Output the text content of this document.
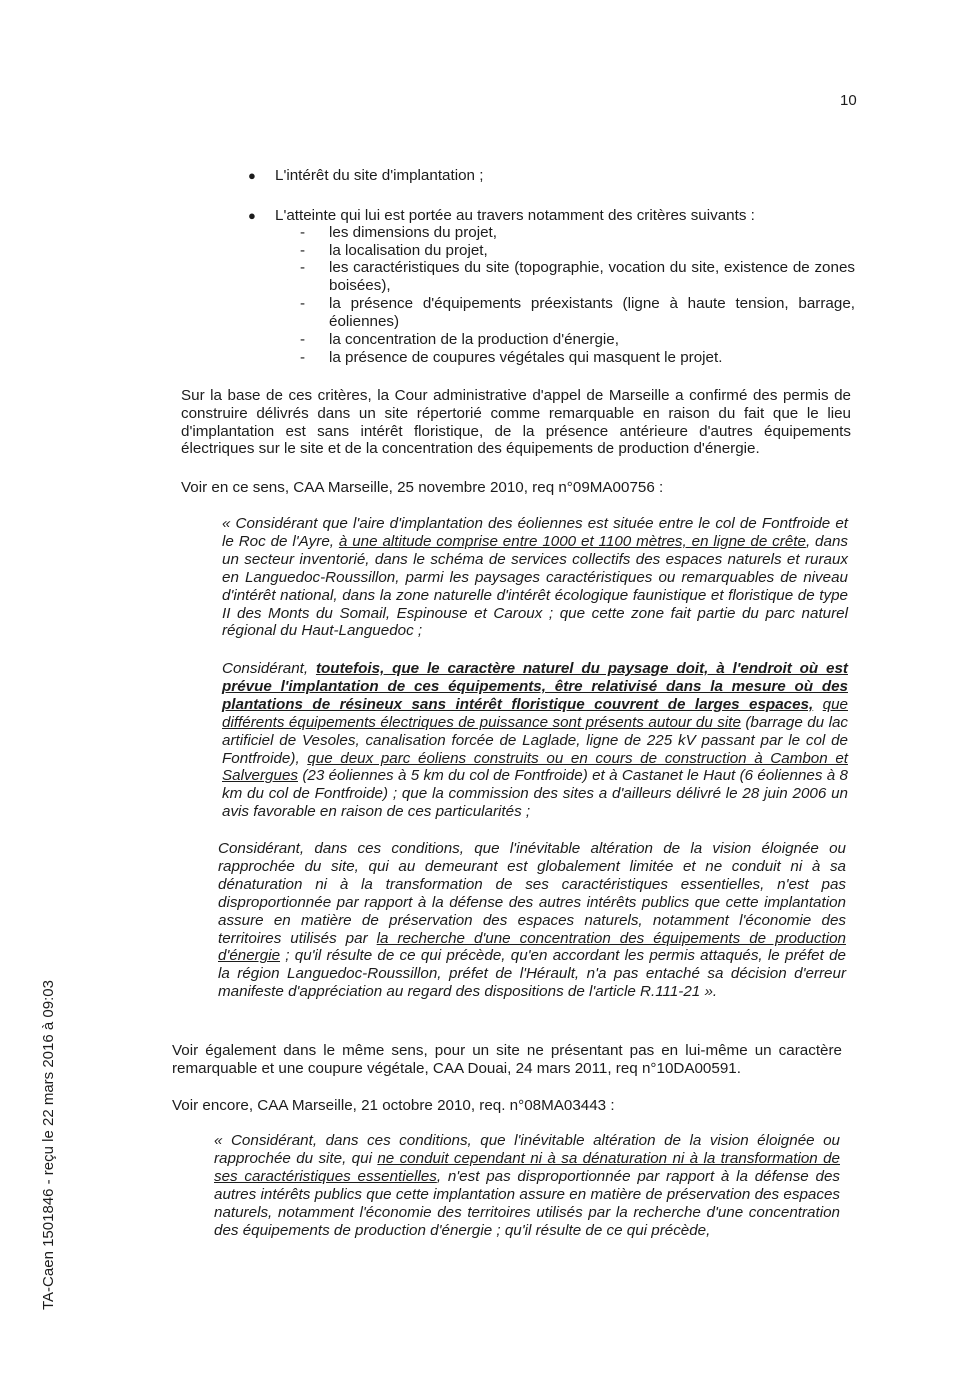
10
TA-Caen 1501846 - reçu le 22 mars 2016 à 09:03
● L'intérêt du site d'implantation ;
● L'atteinte qui lui est portée au travers notamment des critères suivants :
- les dimensions du projet,
- la localisation du projet,
- les caractéristiques du site (topographie, vocation du site, existence de zones boisées),
- la présence d'équipements préexistants (ligne à haute tension, barrage, éoliennes)
- la concentration de la production d'énergie,
- la présence de coupures végétales qui masquent le projet.

Sur la base de ces critères, la Cour administrative d'appel de Marseille a confirmé des permis de construire délivrés dans un site répertorié comme remarquable en raison du fait que le lieu d'implantation est sans intérêt floristique, de la présence antérieure d'autres équipements électriques sur le site et de la concentration des équipements de production d'énergie.

Voir en ce sens, CAA Marseille, 25 novembre 2010, req n°09MA00756 :

« Considérant que l'aire d'implantation des éoliennes est située entre le col de Fontfroide et le Roc de l'Ayre, à une altitude comprise entre 1000 et 1100 mètres, en ligne de crête, dans un secteur inventorié, dans le schéma de services collectifs des espaces naturels et ruraux en Languedoc-Roussillon, parmi les paysages caractéristiques ou remarquables de niveau d'intérêt national, dans la zone naturelle d'intérêt écologique faunistique et floristique de type II des Monts du Somail, Espinouse et Caroux ; que cette zone fait partie du parc naturel régional du Haut-Languedoc ;

Considérant, toutefois, que le caractère naturel du paysage doit, à l'endroit où est prévue l'implantation de ces équipements, être relativisé dans la mesure où des plantations de résineux sans intérêt floristique couvrent de larges espaces, que différents équipements électriques de puissance sont présents autour du site (barrage du lac artificiel de Vesoles, canalisation forcée de Laglade, ligne de 225 kV passant par le col de Fontfroide), que deux parc éoliens construits ou en cours de construction à Cambon et Salvergues (23 éoliennes à 5 km du col de Fontfroide) et à Castanet le Haut (6 éoliennes à 8 km du col de Fontfroide) ; que la commission des sites a d'ailleurs délivré le 28 juin 2006 un avis favorable en raison de ces particularités ;

Considérant, dans ces conditions, que l'inévitable altération de la vision éloignée ou rapprochée du site, qui au demeurant est globalement limitée et ne conduit ni à sa dénaturation ni à la transformation de ses caractéristiques essentielles, n'est pas disproportionnée par rapport à la défense des autres intérêts publics que cette implantation assure en matière de préservation des espaces naturels, notamment l'économie des territoires utilisés par la recherche d'une concentration des équipements de production d'énergie ; qu'il résulte de ce qui précède, qu'en accordant les permis attaqués, le préfet de la région Languedoc-Roussillon, préfet de l'Hérault, n'a pas entaché sa décision d'erreur manifeste d'appréciation au regard des dispositions de l'article R.111-21 ».

Voir également dans le même sens, pour un site ne présentant pas en lui-même un caractère remarquable et une coupure végétale, CAA Douai, 24 mars 2011, req n°10DA00591.

Voir encore, CAA Marseille, 21 octobre 2010, req. n°08MA03443 :

« Considérant, dans ces conditions, que l'inévitable altération de la vision éloignée ou rapprochée du site, qui ne conduit cependant ni à sa dénaturation ni à la transformation de ses caractéristiques essentielles, n'est pas disproportionnée par rapport à la défense des autres intérêts publics que cette implantation assure en matière de préservation des espaces naturels, notamment l'économie des territoires utilisés par la recherche d'une concentration des équipements de production d'énergie ; qu'il résulte de ce qui précède,
